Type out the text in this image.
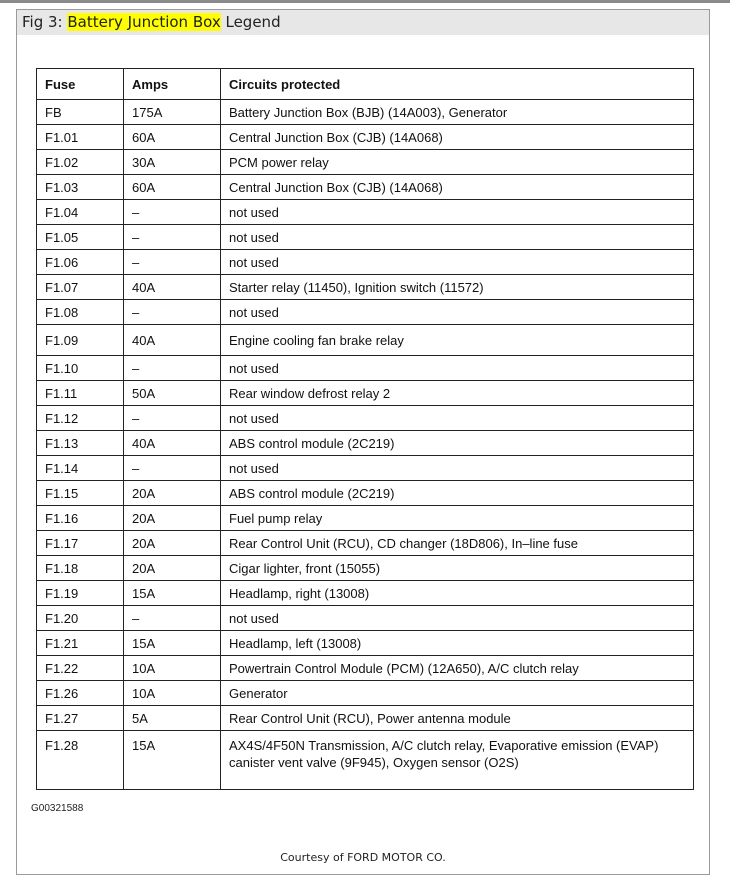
Fig 3: Battery Junction Box Legend
Fuse	Amps	Circuits protected
FB	175A	Battery Junction Box (BJB) (14A003), Generator
F1.01	60A	Central Junction Box (CJB) (14A068)
F1.02	30A	PCM power relay
F1.03	60A	Central Junction Box (CJB) (14A068)
F1.04	–	not used
F1.05	–	not used
F1.06	–	not used
F1.07	40A	Starter relay (11450), Ignition switch (11572)
F1.08	–	not used
F1.09	40A	Engine cooling fan brake relay
F1.10	–	not used
F1.11	50A	Rear window defrost relay 2
F1.12	–	not used
F1.13	40A	ABS control module (2C219)
F1.14	–	not used
F1.15	20A	ABS control module (2C219)
F1.16	20A	Fuel pump relay
F1.17	20A	Rear Control Unit (RCU), CD changer (18D806), In–line fuse
F1.18	20A	Cigar lighter, front (15055)
F1.19	15A	Headlamp, right (13008)
F1.20	–	not used
F1.21	15A	Headlamp, left (13008)
F1.22	10A	Powertrain Control Module (PCM) (12A650), A/C clutch relay
F1.26	10A	Generator
F1.27	5A	Rear Control Unit (RCU), Power antenna module
F1.28	15A	AX4S/4F50N Transmission, A/C clutch relay, Evaporative emission (EVAP) canister vent valve (9F945), Oxygen sensor (O2S)
G00321588
Courtesy of FORD MOTOR CO.
